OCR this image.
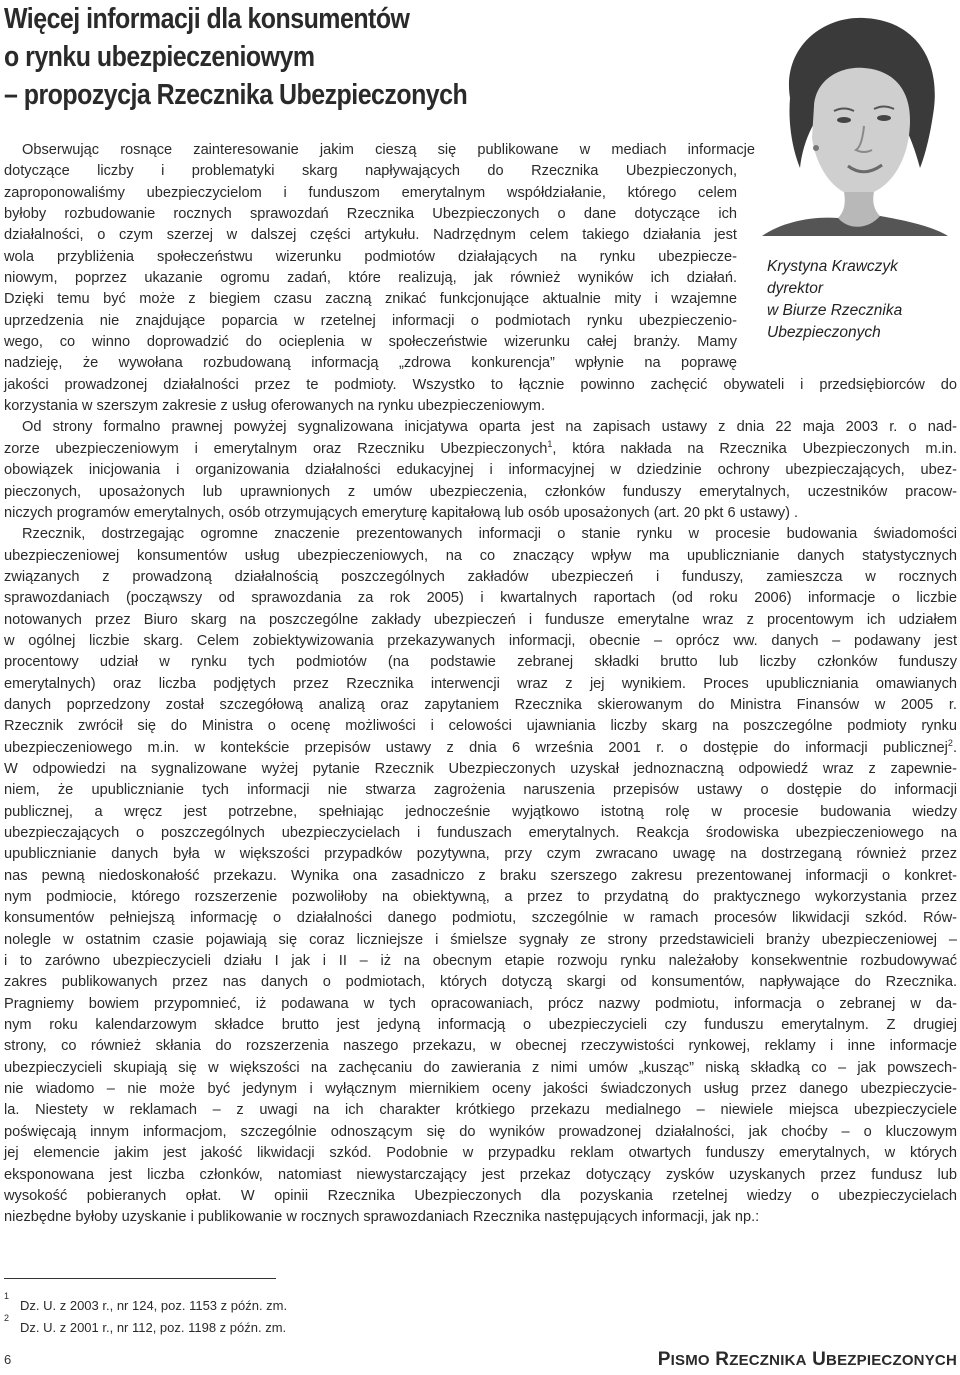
Więcej informacji dla konsumentów
o rynku ubezpieczeniowym
– propozycja Rzecznika Ubezpieczonych
Krystyna Krawczyk
dyrektor
w Biurze Rzecznika
Ubezpieczonych
Obserwując rosnące zainteresowanie jakim cieszą się publikowane w mediach informacje
dotyczące liczby i problematyki skarg napływających do Rzecznika Ubezpieczonych,
zaproponowaliśmy ubezpieczycielom i funduszom emerytalnym współdziałanie, którego celem
byłoby rozbudowanie rocznych sprawozdań Rzecznika Ubezpieczonych o dane dotyczące ich
działalności, o czym szerzej w dalszej części artykułu. Nadrzędnym celem takiego działania jest
wola przybliżenia społeczeństwu wizerunku podmiotów działających na rynku ubezpiecze-
niowym, poprzez ukazanie ogromu zadań, które realizują, jak również wyników ich działań.
Dzięki temu być może z biegiem czasu zaczną znikać funkcjonujące aktualnie mity i wzajemne
uprzedzenia nie znajdujące poparcia w rzetelnej informacji o podmiotach rynku ubezpieczenio-
wego, co winno doprowadzić do ocieplenia w społeczeństwie wizerunku całej branży. Mamy
nadzieję, że wywołana rozbudowaną informacją „zdrowa konkurencja” wpłynie na poprawę
jakości prowadzonej działalności przez te podmioty. Wszystko to łącznie powinno zachęcić obywateli i przedsiębiorców do
korzystania w szerszym zakresie z usług oferowanych na rynku ubezpieczeniowym.
Od strony formalno prawnej powyżej sygnalizowana inicjatywa oparta jest na zapisach ustawy z dnia 22 maja 2003 r. o nad-
zorze ubezpieczeniowym i emerytalnym oraz Rzeczniku Ubezpieczonych$^1$, która nakłada na Rzecznika Ubezpieczonych m.in.
obowiązek inicjowania i organizowania działalności edukacyjnej i informacyjnej w dziedzinie ochrony ubezpieczających, ubez-
pieczonych, uposażonych lub uprawnionych z umów ubezpieczenia, członków funduszy emerytalnych, uczestników pracow-
niczych programów emerytalnych, osób otrzymujących emeryturę kapitałową lub osób uposażonych (art. 20 pkt 6 ustawy) .
Rzecznik, dostrzegając ogromne znaczenie prezentowanych informacji o stanie rynku w procesie budowania świadomości
ubezpieczeniowej konsumentów usług ubezpieczeniowych, na co znaczący wpływ ma upublicznianie danych statystycznych
związanych z prowadzoną działalnością poszczególnych zakładów ubezpieczeń i funduszy, zamieszcza w rocznych
sprawozdaniach (począwszy od sprawozdania za rok 2005) i kwartalnych raportach (od roku 2006) informacje o liczbie
notowanych przez Biuro skarg na poszczególne zakłady ubezpieczeń i fundusze emerytalne wraz z procentowym ich udziałem
w ogólnej liczbie skarg. Celem zobiektywizowania przekazywanych informacji, obecnie – oprócz ww. danych – podawany jest
procentowy udział w rynku tych podmiotów (na podstawie zebranej składki brutto lub liczby członków funduszy
emerytalnych) oraz liczba podjętych przez Rzecznika interwencji wraz z jej wynikiem. Proces upubliczniania omawianych
danych poprzedzony został szczegółową analizą oraz zapytaniem Rzecznika skierowanym do Ministra Finansów w 2005 r.
Rzecznik zwrócił się do Ministra o ocenę możliwości i celowości ujawniania liczby skarg na poszczególne podmioty rynku
ubezpieczeniowego m.in. w kontekście przepisów ustawy z dnia 6 września 2001 r. o dostępie do informacji publicznej$^2$.
W odpowiedzi na sygnalizowane wyżej pytanie Rzecznik Ubezpieczonych uzyskał jednoznaczną odpowiedź wraz z zapewnie-
niem, że upublicznianie tych informacji nie stwarza zagrożenia naruszenia przepisów ustawy o dostępie do informacji
publicznej, a wręcz jest potrzebne, spełniając jednocześnie wyjątkowo istotną rolę w procesie budowania wiedzy
ubezpieczających o poszczególnych ubezpieczycielach i funduszach emerytalnych. Reakcja środowiska ubezpieczeniowego na
upublicznianie danych była w większości przypadków pozytywna, przy czym zwracano uwagę na dostrzeganą również przez
nas pewną niedoskonałość przekazu. Wynika ona zasadniczo z braku szerszego zakresu prezentowanej informacji o konkret-
nym podmiocie, którego rozszerzenie pozwoliłoby na obiektywną, a przez to przydatną do praktycznego wykorzystania przez
konsumentów pełniejszą informację o działalności danego podmiotu, szczególnie w ramach procesów likwidacji szkód. Rów-
nolegle w ostatnim czasie pojawiają się coraz liczniejsze i śmielsze sygnały ze strony przedstawicieli branży ubezpieczeniowej –
i to zarówno ubezpieczycieli działu I jak i II – iż na obecnym etapie rozwoju rynku należałoby konsekwentnie rozbudowywać
zakres publikowanych przez nas danych o podmiotach, których dotyczą skargi od konsumentów, napływające do Rzecznika.
Pragniemy bowiem przypomnieć, iż podawana w tych opracowaniach, prócz nazwy podmiotu, informacja o zebranej w da-
nym roku kalendarzowym składce brutto jest jedyną informacją o ubezpieczycieli czy funduszu emerytalnym. Z drugiej
strony, co również skłania do rozszerzenia naszego przekazu, w obecnej rzeczywistości rynkowej, reklamy i inne informacje
ubezpieczycieli skupiają się w większości na zachęcaniu do zawierania z nimi umów „kusząc” niską składką co – jak powszech-
nie wiadomo – nie może być jedynym i wyłącznym miernikiem oceny jakości świadczonych usług przez danego ubezpieczycie-
la. Niestety w reklamach – z uwagi na ich charakter krótkiego przekazu medialnego – niewiele miejsca ubezpieczyciele
poświęcają innym informacjom, szczególnie odnoszącym się do wyników prowadzonej działalności, jak choćby – o kluczowym
jej elemencie jakim jest jakość likwidacji szkód. Podobnie w przypadku reklam otwartych funduszy emerytalnych, w których
eksponowana jest liczba członków, natomiast niewystarczający jest przekaz dotyczący zysków uzyskanych przez fundusz lub
wysokość pobieranych opłat. W opinii Rzecznika Ubezpieczonych dla pozyskania rzetelnej wiedzy o ubezpieczycielach
niezbędne byłoby uzyskanie i publikowanie w rocznych sprawozdaniach Rzecznika następujących informacji, jak np.:
1
Dz. U. z 2003 r., nr 124, poz. 1153 z późn. zm.
2
Dz. U. z 2001 r., nr 112, poz. 1198 z późn. zm.
6	PISMO RZECZNIKA UBEZPIECZONYCH
